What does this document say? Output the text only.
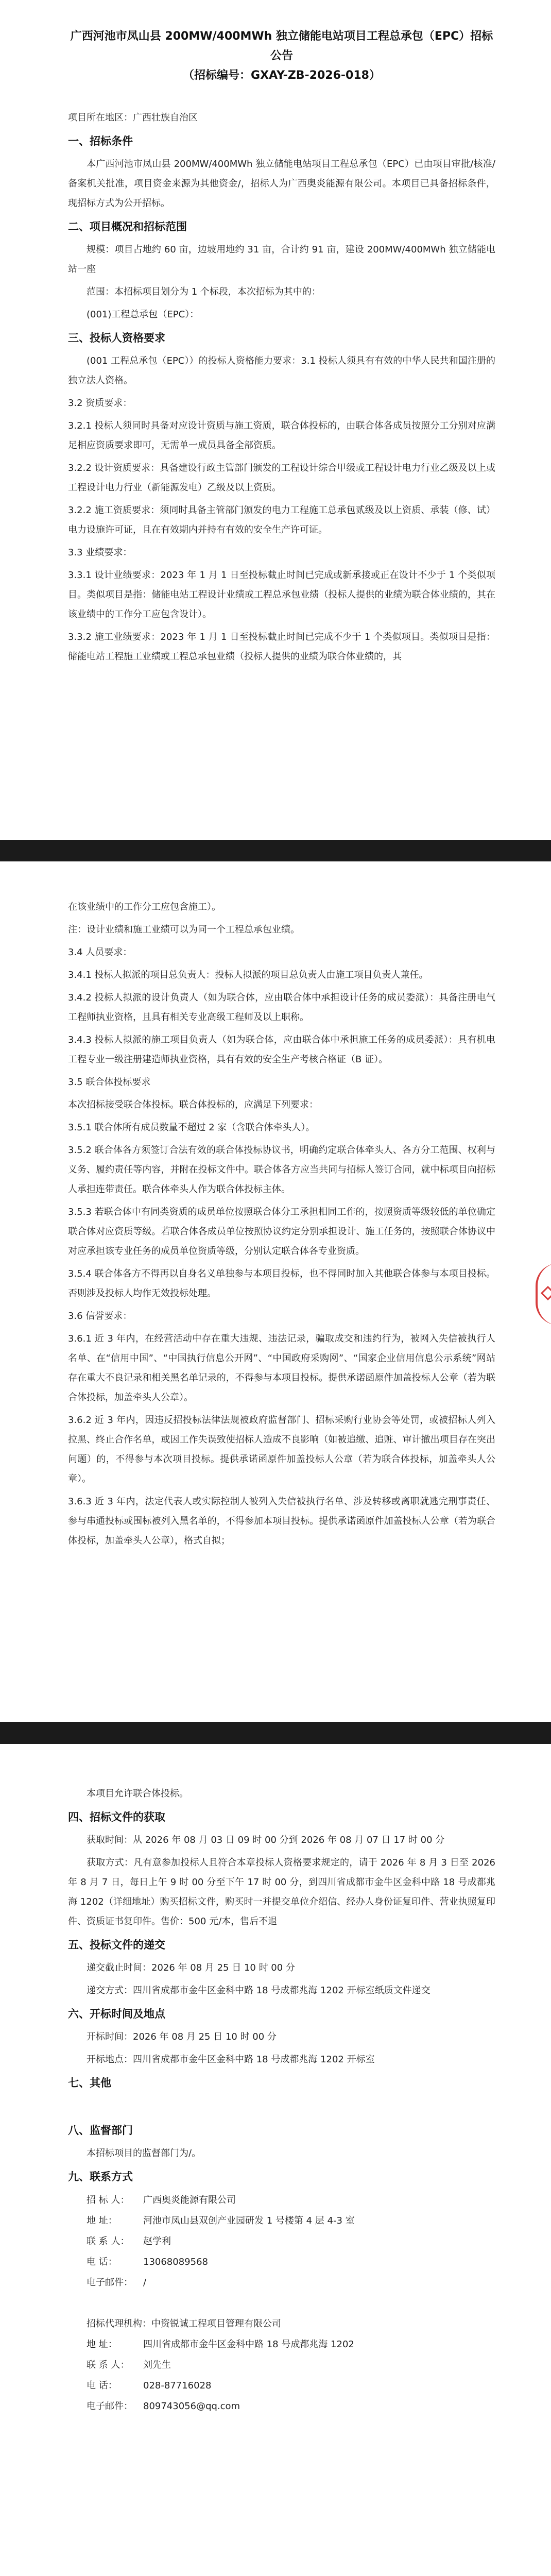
广西河池市凤山县 200MW/400MWh 独立储能电站项目工程总承包（EPC）招标公告
（招标编号：GXAY-ZB-2026-018）

项目所在地区：广西壮族自治区

一、招标条件

本广西河池市凤山县 200MW/400MWh 独立储能电站项目工程总承包（EPC）已由项目审批/核准/备案机关批准，项目资金来源为其他资金/，招标人为广西奥炎能源有限公司。本项目已具备招标条件，现招标方式为公开招标。

二、项目概况和招标范围

规模：项目占地约 60 亩，边坡用地约 31 亩，合计约 91 亩，建设 200MW/400MWh 独立储能电站一座

范围：本招标项目划分为 1 个标段，本次招标为其中的：

(001)工程总承包（EPC）：

三、投标人资格要求

(001 工程总承包（EPC））的投标人资格能力要求：3.1 投标人须具有有效的中华人民共和国注册的独立法人资格。

3.2 资质要求：

3.2.1 投标人须同时具备对应设计资质与施工资质，联合体投标的，由联合体各成员按照分工分别对应满足相应资质要求即可，无需单一成员具备全部资质。

3.2.2 设计资质要求：具备建设行政主管部门颁发的工程设计综合甲级或工程设计电力行业乙级及以上或工程设计电力行业（新能源发电）乙级及以上资质。

3.2.2 施工资质要求：须同时具备主管部门颁发的电力工程施工总承包贰级及以上资质、承装（修、试）电力设施许可证，且在有效期内并持有有效的安全生产许可证。

3.3 业绩要求：

3.3.1 设计业绩要求：2023 年 1 月 1 日至投标截止时间已完成或新承接或正在设计不少于 1 个类似项目。类似项目是指：储能电站工程设计业绩或工程总承包业绩（投标人提供的业绩为联合体业绩的，其在该业绩中的工作分工应包含设计）。

3.3.2 施工业绩要求：2023 年 1 月 1 日至投标截止时间已完成不少于 1 个类似项目。类似项目是指：储能电站工程施工业绩或工程总承包业绩（投标人提供的业绩为联合体业绩的，其

在该业绩中的工作分工应包含施工）。

注：设计业绩和施工业绩可以为同一个工程总承包业绩。

3.4 人员要求：

3.4.1 投标人拟派的项目总负责人：投标人拟派的项目总负责人由施工项目负责人兼任。

3.4.2 投标人拟派的设计负责人（如为联合体，应由联合体中承担设计任务的成员委派）：具备注册电气工程师执业资格，且具有相关专业高级工程师及以上职称。

3.4.3 投标人拟派的施工项目负责人（如为联合体，应由联合体中承担施工任务的成员委派）：具有机电工程专业一级注册建造师执业资格，具有有效的安全生产考核合格证（B 证）。

3.5 联合体投标要求

本次招标接受联合体投标。联合体投标的，应满足下列要求：

3.5.1 联合体所有成员数量不超过 2 家（含联合体牵头人）。

3.5.2 联合体各方须签订合法有效的联合体投标协议书，明确约定联合体牵头人、各方分工范围、权利与义务、履约责任等内容，并附在投标文件中。联合体各方应当共同与招标人签订合同，就中标项目向招标人承担连带责任。联合体牵头人作为联合体投标主体。

3.5.3 若联合体中有同类资质的成员单位按照联合体分工承担相同工作的，按照资质等级较低的单位确定联合体对应资质等级。若联合体各成员单位按照协议约定分别承担设计、施工任务的，按照联合体协议中对应承担该专业任务的成员单位资质等级，分别认定联合体各专业资质。

3.5.4 联合体各方不得再以自身名义单独参与本项目投标，也不得同时加入其他联合体参与本项目投标。否则涉及投标人均作无效投标处理。

3.6 信誉要求：

3.6.1 近 3 年内，在经营活动中存在重大违规、违法记录，骗取成交和违约行为，被网入失信被执行人名单、在“信用中国”、“中国执行信息公开网”、“中国政府采购网”、“国家企业信用信息公示系统”网站存在重大不良记录和相关黑名单记录的，不得参与本项目投标。提供承诺函原件加盖投标人公章（若为联合体投标，加盖牵头人公章）。

3.6.2 近 3 年内，因违反招投标法律法规被政府监督部门、招标采购行业协会等处罚，或被招标人列入拉黑、终止合作名单，或因工作失误致使招标人造成不良影响（如被追缴、追赃、审计撤出项目存在突出问题）的，不得参与本次项目投标。提供承诺函原件加盖投标人公章（若为联合体投标，加盖牵头人公章）。

3.6.3 近 3 年内，法定代表人或实际控制人被列入失信被执行名单、涉及转移或离职就逃完刑事责任、参与串通投标或围标被列入黑名单的，不得参加本项目投标。提供承诺函原件加盖投标人公章（若为联合体投标，加盖牵头人公章），格式自拟；

本项目允许联合体投标。

四、招标文件的获取

获取时间：从 2026 年 08 月 03 日 09 时 00 分到 2026 年 08 月 07 日 17 时 00 分

获取方式：凡有意参加投标人且符合本章投标人资格要求规定的，请于 2026 年 8 月 3 日至 2026 年 8 月 7 日，每日上午 9 时 00 分至下午 17 时 00 分，到四川省成都市金牛区金科中路 18 号成都兆海 1202（详细地址）购买招标文件，购买时一并提交单位介绍信、经办人身份证复印件、营业执照复印件、资质证书复印件。售价：500 元/本，售后不退

五、投标文件的递交

递交截止时间：2026 年 08 月 25 日 10 时 00 分

递交方式：四川省成都市金牛区金科中路 18 号成都兆海 1202 开标室纸质文件递交

六、开标时间及地点

开标时间：2026 年 08 月 25 日 10 时 00 分

开标地点：四川省成都市金牛区金科中路 18 号成都兆海 1202 开标室

七、其他
八、监督部门

本招标项目的监督部门为/。

九、联系方式

招 标 人： 广西奥炎能源有限公司

地 址：	河池市凤山县双创产业园研发 1 号楼第 4 层 4-3 室

联 系 人： 赵学利

电 话：	13068089568

电子邮件： /

招标代理机构：中资锐诚工程项目管理有限公司

地 址：	四川省成都市金牛区金科中路 18 号成都兆海 1202

联 系 人： 刘先生

电 话：	028-87716028

电子邮件： 809743056@qq.com
